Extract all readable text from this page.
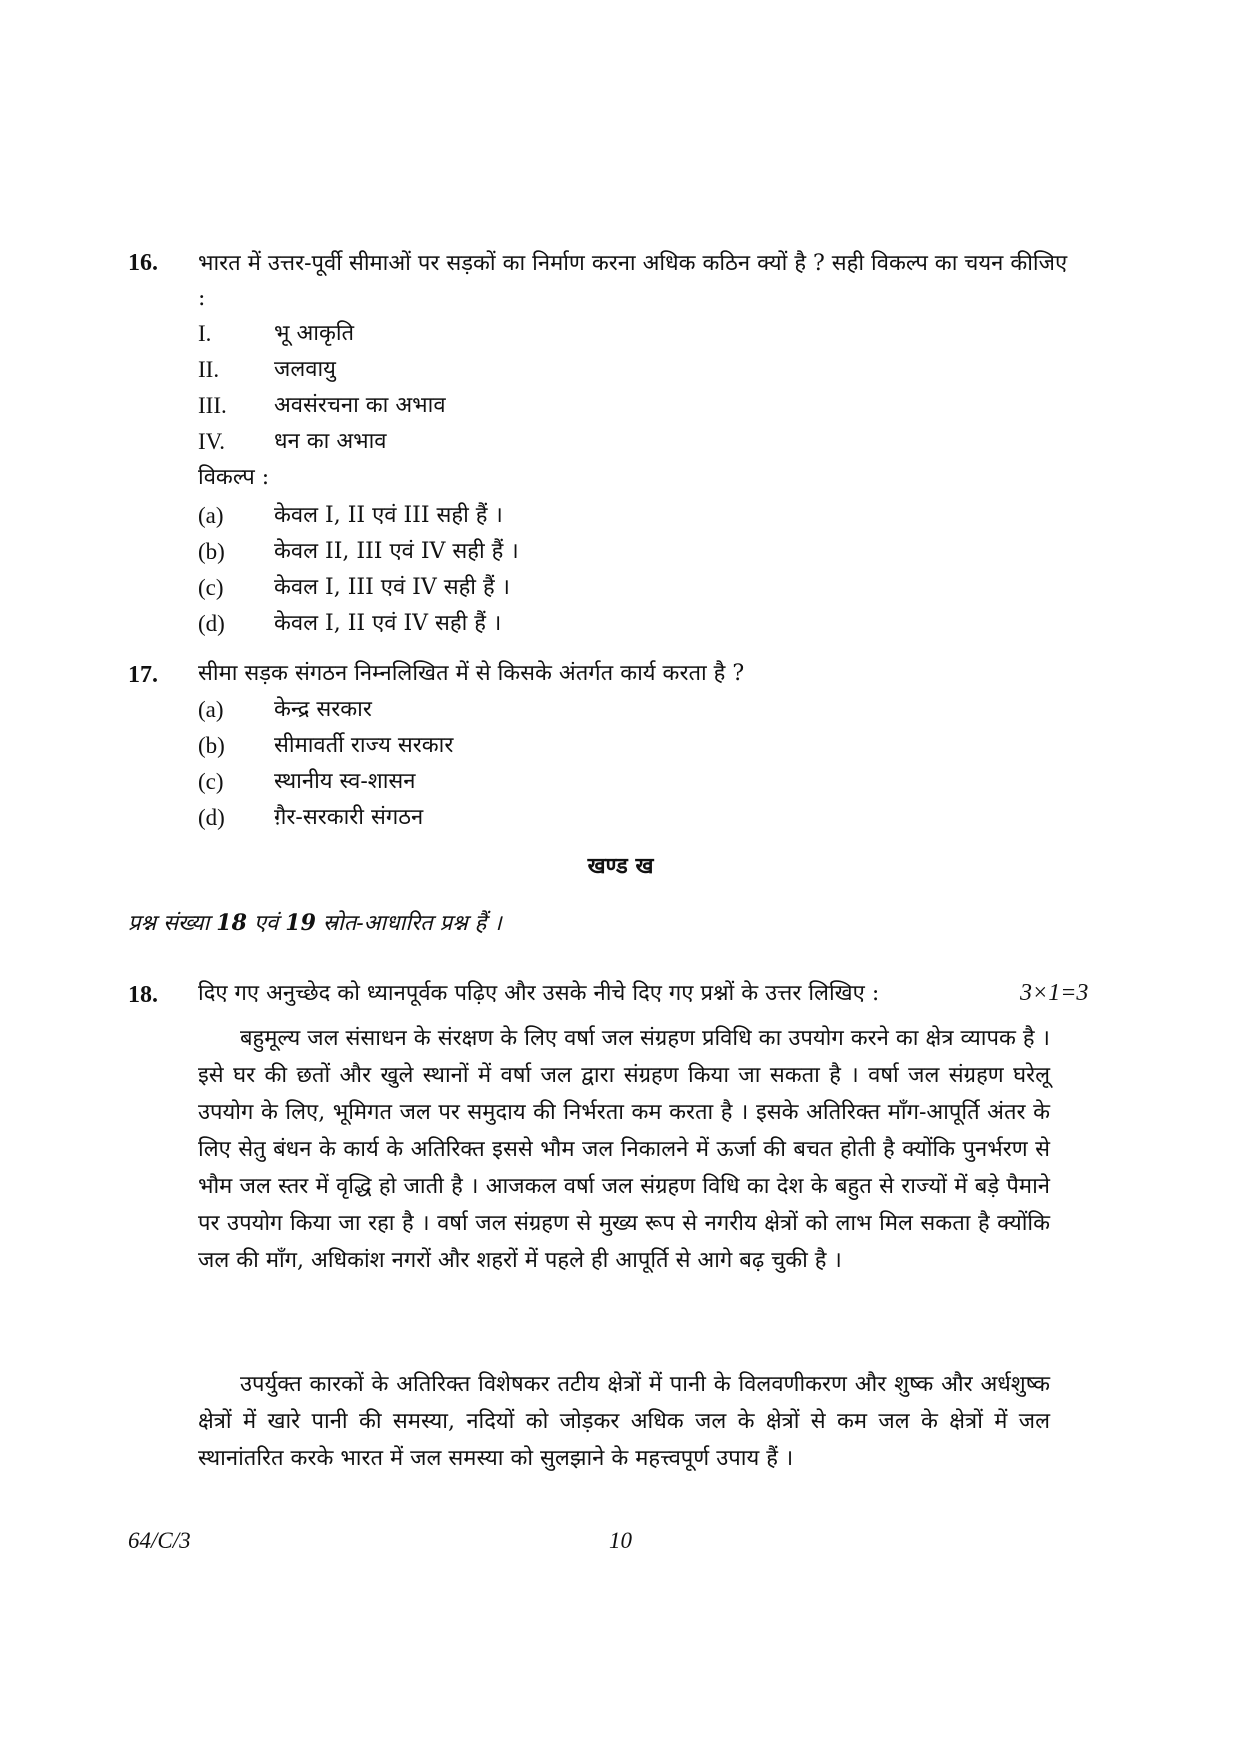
16.	भारत में उत्तर-पूर्वी सीमाओं पर सड़कों का निर्माण करना अधिक कठिन क्यों है ? सही विकल्प का चयन कीजिए :
I.	भू आकृति
II.	जलवायु
III.	अवसंरचना का अभाव
IV.	धन का अभाव
विकल्प :
(a)	केवल I, II एवं III सही हैं ।
(b)	केवल II, III एवं IV सही हैं ।
(c)	केवल I, III एवं IV सही हैं ।
(d)	केवल I, II एवं IV सही हैं ।
17.	सीमा सड़क संगठन निम्नलिखित में से किसके अंतर्गत कार्य करता है ?
(a)	केन्द्र सरकार
(b)	सीमावर्ती राज्य सरकार
(c)	स्थानीय स्व-शासन
(d)	ग़ैर-सरकारी संगठन
खण्ड ख
प्रश्न संख्या 18 एवं 19 स्रोत-आधारित प्रश्न हैं ।
18.	दिए गए अनुच्छेद को ध्यानपूर्वक पढ़िए और उसके नीचे दिए गए प्रश्नों के उत्तर लिखिए :	3×1=3

बहुमूल्य जल संसाधन के संरक्षण के लिए वर्षा जल संग्रहण प्रविधि का उपयोग करने का क्षेत्र व्यापक है । इसे घर की छतों और खुले स्थानों में वर्षा जल द्वारा संग्रहण किया जा सकता है । वर्षा जल संग्रहण घरेलू उपयोग के लिए, भूमिगत जल पर समुदाय की निर्भरता कम करता है । इसके अतिरिक्त माँग-आपूर्ति अंतर के लिए सेतु बंधन के कार्य के अतिरिक्त इससे भौम जल निकालने में ऊर्जा की बचत होती है क्योंकि पुनर्भरण से भौम जल स्तर में वृद्धि हो जाती है । आजकल वर्षा जल संग्रहण विधि का देश के बहुत से राज्यों में बड़े पैमाने पर उपयोग किया जा रहा है । वर्षा जल संग्रहण से मुख्य रूप से नगरीय क्षेत्रों को लाभ मिल सकता है क्योंकि जल की माँग, अधिकांश नगरों और शहरों में पहले ही आपूर्ति से आगे बढ़ चुकी है ।

उपर्युक्त कारकों के अतिरिक्त विशेषकर तटीय क्षेत्रों में पानी के विलवणीकरण और शुष्क और अर्धशुष्क क्षेत्रों में खारे पानी की समस्या, नदियों को जोड़कर अधिक जल के क्षेत्रों से कम जल के क्षेत्रों में जल स्थानांतरित करके भारत में जल समस्या को सुलझाने के महत्त्वपूर्ण उपाय हैं ।

64/C/3	10
